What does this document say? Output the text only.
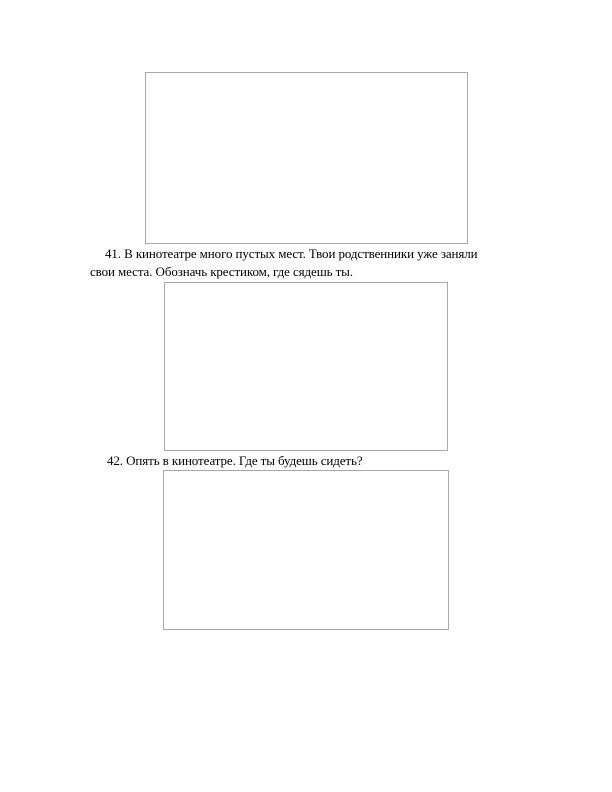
41. В кинотеатре много пустых мест. Твои родственники уже заняли
свои места. Обозначь крестиком, где сядешь ты.
42. Опять в кинотеатре. Где ты будешь сидеть?
